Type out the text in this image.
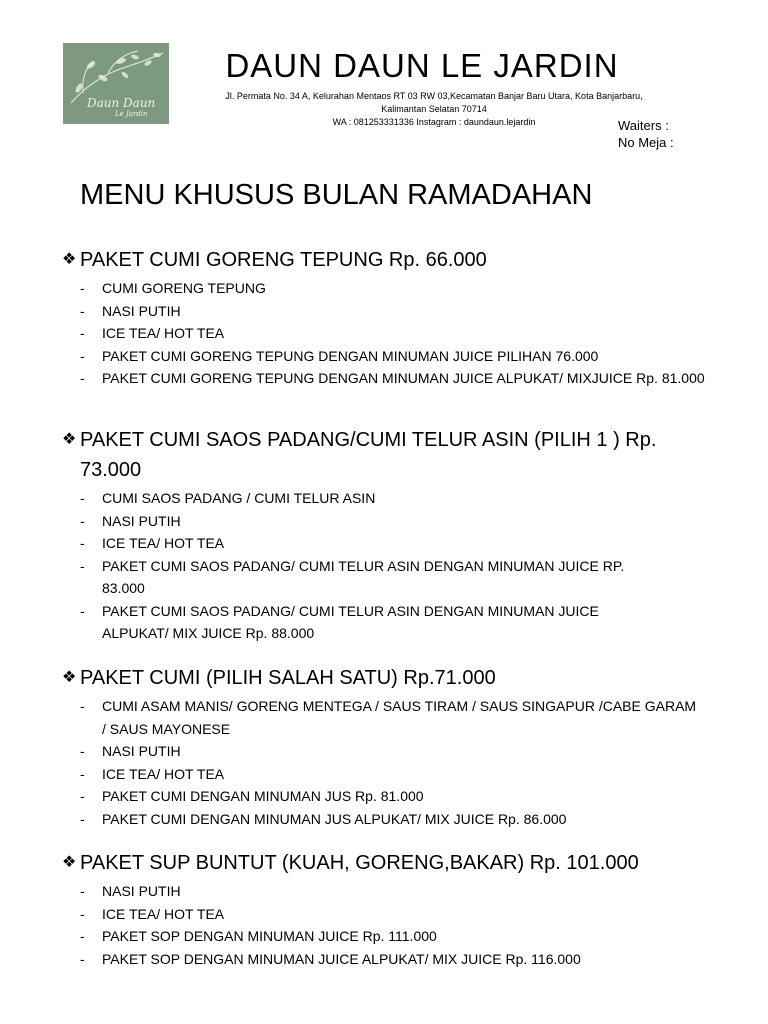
Daun Daun
Le Jardin
DAUN DAUN LE JARDIN
Jl. Permata No. 34 A, Kelurahan Mentaos RT 03 RW 03,Kecamatan Banjar Baru Utara, Kota Banjarbaru,
Kalimantan Selatan 70714
WA : 081253331336 Instagram : daundaun.lejardin	Waiters :
No Meja :
MENU KHUSUS BULAN RAMADAHAN
❖ PAKET CUMI GORENG TEPUNG Rp. 66.000
- CUMI GORENG TEPUNG
- NASI PUTIH
- ICE TEA/ HOT TEA
- PAKET CUMI GORENG TEPUNG DENGAN MINUMAN JUICE PILIHAN 76.000
- PAKET CUMI GORENG TEPUNG DENGAN MINUMAN JUICE ALPUKAT/ MIXJUICE Rp. 81.000
❖ PAKET CUMI SAOS PADANG/CUMI TELUR ASIN (PILIH 1 ) Rp. 73.000
- CUMI SAOS PADANG / CUMI TELUR ASIN
- NASI PUTIH
- ICE TEA/ HOT TEA
- PAKET CUMI SAOS PADANG/ CUMI TELUR ASIN DENGAN MINUMAN JUICE RP. 83.000
- PAKET CUMI SAOS PADANG/ CUMI TELUR ASIN DENGAN MINUMAN JUICE ALPUKAT/ MIX JUICE Rp. 88.000
❖ PAKET CUMI (PILIH SALAH SATU) Rp.71.000
- CUMI ASAM MANIS/ GORENG MENTEGA / SAUS TIRAM / SAUS SINGAPUR /CABE GARAM / SAUS MAYONESE
- NASI PUTIH
- ICE TEA/ HOT TEA
- PAKET CUMI DENGAN MINUMAN JUS Rp. 81.000
- PAKET CUMI DENGAN MINUMAN JUS ALPUKAT/ MIX JUICE Rp. 86.000
❖ PAKET SUP BUNTUT (KUAH, GORENG,BAKAR) Rp. 101.000
- NASI PUTIH
- ICE TEA/ HOT TEA
- PAKET SOP DENGAN MINUMAN JUICE Rp. 111.000
- PAKET SOP DENGAN MINUMAN JUICE ALPUKAT/ MIX JUICE Rp. 116.000
